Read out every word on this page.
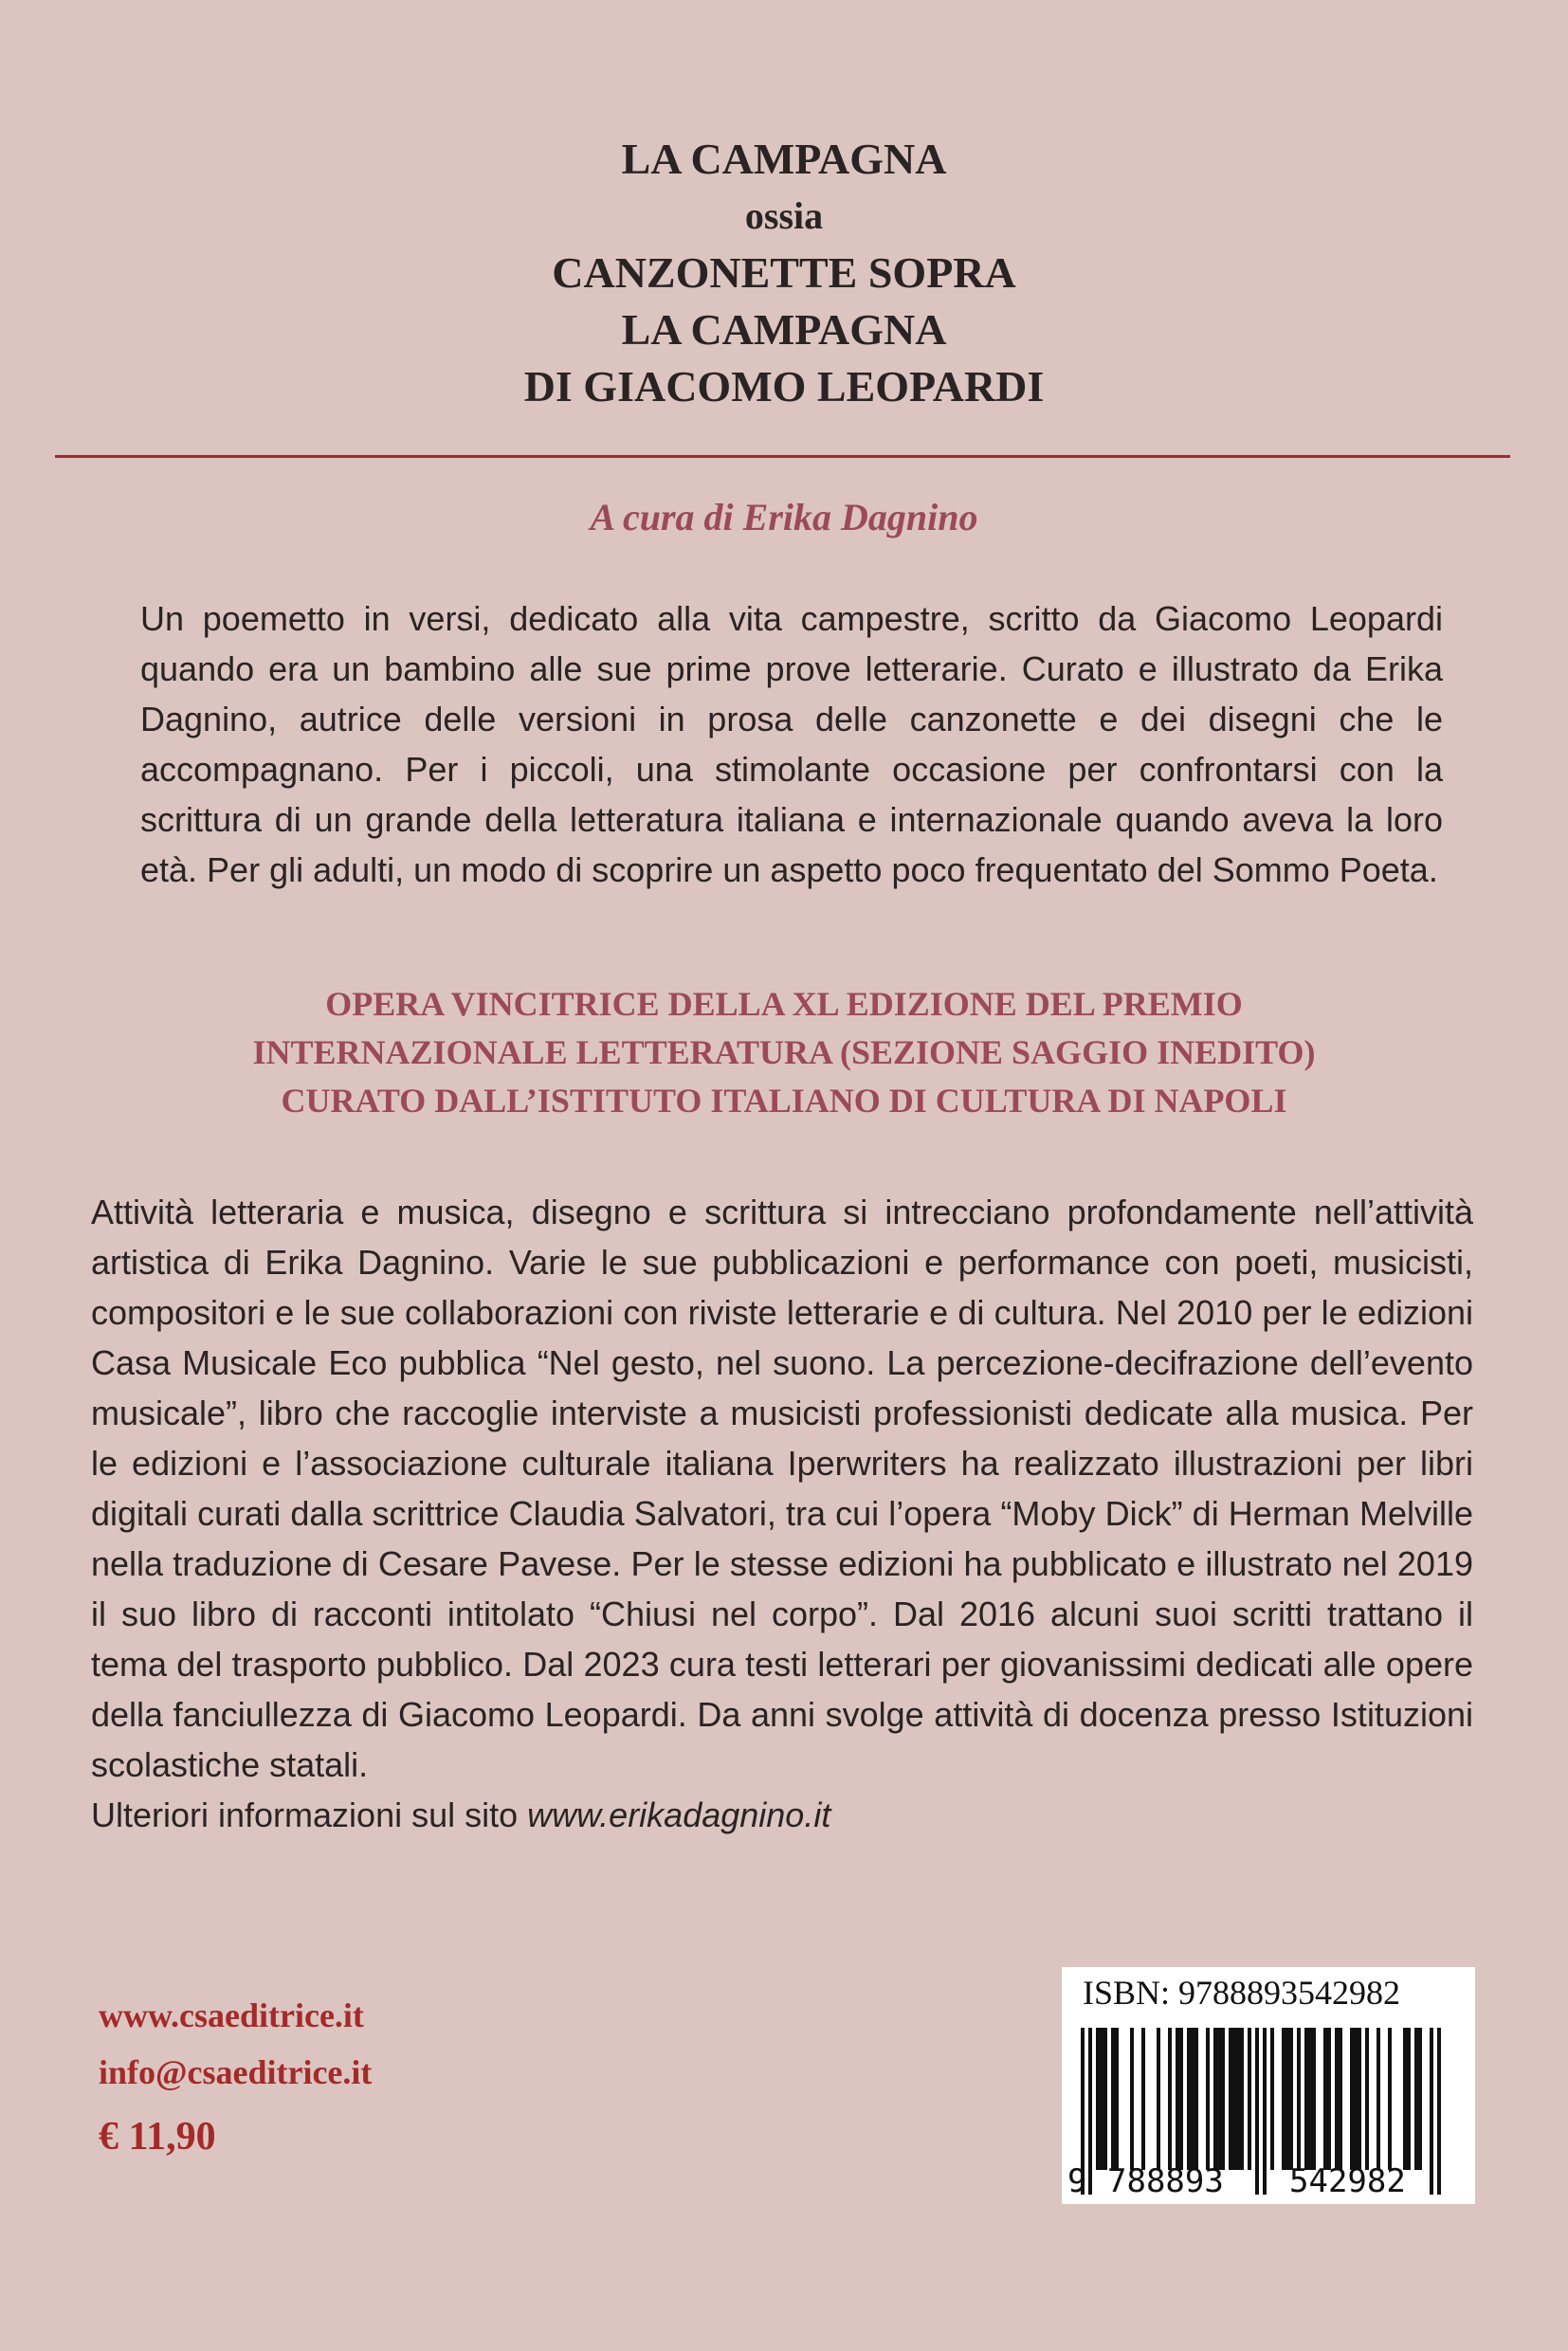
LA CAMPAGNA
ossia
CANZONETTE SOPRA
LA CAMPAGNA
DI GIACOMO LEOPARDI
A cura di Erika Dagnino
Un poemetto in versi, dedicato alla vita campestre, scritto da Giacomo Leopardi quando era un bambino alle sue prime prove letterarie. Curato e illustrato da Erika Dagnino, autrice delle versioni in prosa delle canzonette e dei disegni che le accompagnano. Per i piccoli, una stimolante occasione per confrontarsi con la scrittura di un grande della letteratura italiana e internazionale quando aveva la loro età. Per gli adulti, un modo di scoprire un aspetto poco frequentato del Sommo Poeta.
OPERA VINCITRICE DELLA XL EDIZIONE DEL PREMIO
INTERNAZIONALE LETTERATURA (SEZIONE SAGGIO INEDITO)
CURATO DALL’ISTITUTO ITALIANO DI CULTURA DI NAPOLI
Attività letteraria e musica, disegno e scrittura si intrecciano profondamente nell’attività artistica di Erika Dagnino. Varie le sue pubblicazioni e performance con poeti, musicisti, compositori e le sue collaborazioni con riviste letterarie e di cultura. Nel 2010 per le edizioni Casa Musicale Eco pubblica “Nel gesto, nel suono. La percezione-decifrazione dell’evento musicale”, libro che raccoglie interviste a musicisti professionisti dedicate alla musica. Per le edizioni e l’associazione culturale italiana Iperwriters ha realizzato illustrazioni per libri digitali curati dalla scrittrice Claudia Salvatori, tra cui l’opera “Moby Dick” di Herman Melville nella traduzione di Cesare Pavese. Per le stesse edizioni ha pubblicato e illustrato nel 2019 il suo libro di racconti intitolato “Chiusi nel corpo”. Dal 2016 alcuni suoi scritti trattano il tema del trasporto pubblico. Dal 2023 cura testi letterari per giovanissimi dedicati alle opere della fanciullezza di Giacomo Leopardi. Da anni svolge attività di docenza presso Istituzioni scolastiche statali.
Ulteriori informazioni sul sito www.erikadagnino.it
www.csaeditrice.it
info@csaeditrice.it
€ 11,90
ISBN: 9788893542982
9 788893 542982
